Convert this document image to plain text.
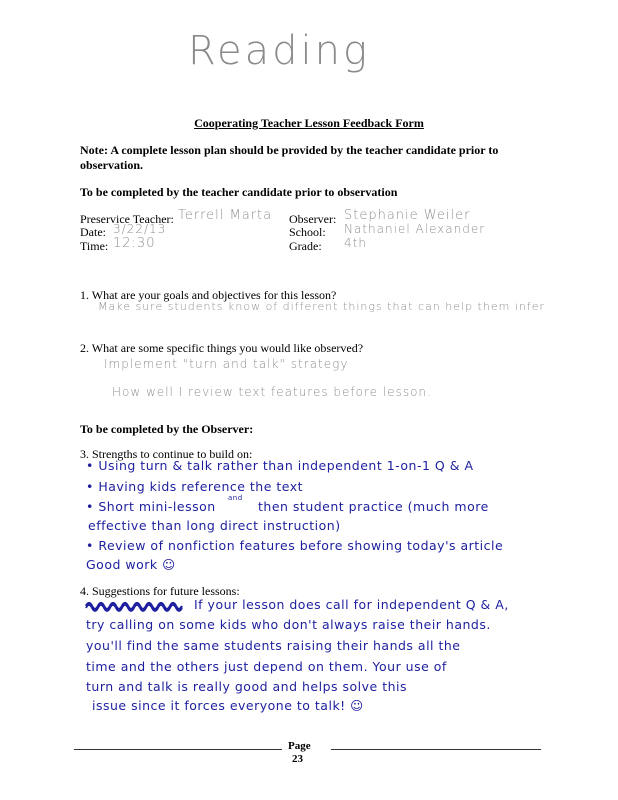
Reading
Cooperating Teacher Lesson Feedback Form
Note: A complete lesson plan should be provided by the teacher candidate prior to observation.
To be completed by the teacher candidate prior to observation
Preservice Teacher:
Date:
Time:
Observer:
School:
Grade:
Terrell Marta
3/22/13
12:30
Stephanie Weiler
Nathaniel Alexander
4th
1. What are your goals and objectives for this lesson?
Make sure students know of different things that can help them infer
2. What are some specific things you would like observed?
Implement "turn and talk" strategy
How well I review text features before lesson.
To be completed by the Observer:
3. Strengths to continue to build on:
• Using turn & talk rather than independent 1-on-1 Q & A
• Having kids reference the text
• Short mini-lesson
and
then student practice (much more
effective than long direct instruction)
• Review of nonfiction features before showing today's article
Good work ☺
4. Suggestions for future lessons:
If your lesson does call for independent Q & A,
try calling on some kids who don't always raise their hands.
you'll find the same students raising their hands all the
time and the others just depend on them. Your use of
turn and talk is really good and helps solve this
issue since it forces everyone to talk! ☺
Page
23
